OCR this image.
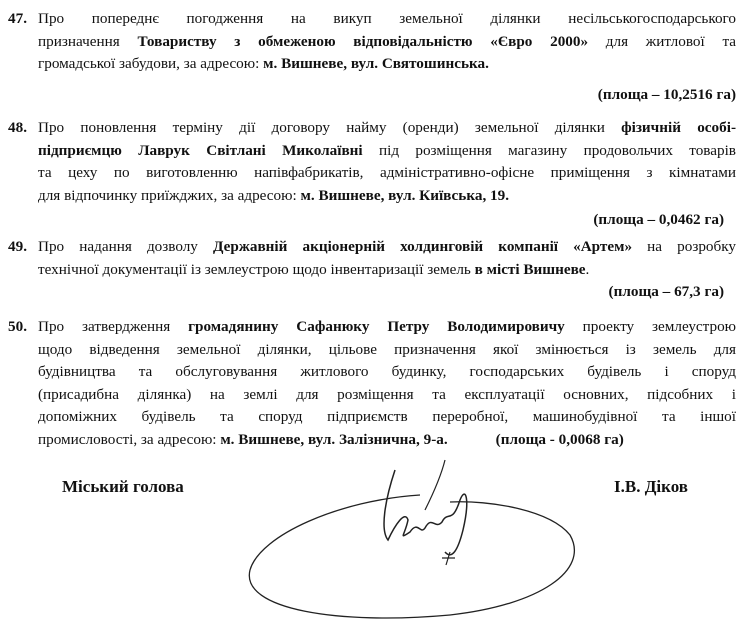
47. Про попереднє погодження на викуп земельної ділянки несільськогосподарського
призначення Товариству з обмеженою відповідальністю «Євро 2000» для житлової та
громадської забудови, за адресою: м. Вишневе, вул. Святошинська.
(площа – 10,2516 га)
48. Про поновлення терміну дії договору найму (оренди) земельної ділянки фізичній особі-
підприємцю Лаврук Світлані Миколаївні під розміщення магазину продовольчих товарів
та цеху по виготовленню напівфабрикатів, адміністративно-офісне приміщення з кімнатами
для відпочинку приїжджих, за адресою: м. Вишневе, вул. Київська, 19.
(площа – 0,0462 га)
49. Про надання дозволу Державній акціонерній холдинговій компанії «Артем» на розробку
технічної документації із землеустрою щодо інвентаризації земель в місті Вишневе.
(площа – 67,3 га)
50. Про затвердження громадянину Сафанюку Петру Володимировичу проекту землеустрою
щодо відведення земельної ділянки, цільове призначення якої змінюється із земель для
будівництва та обслуговування житлового будинку, господарських будівель і споруд
(присадибна ділянка) на землі для розміщення та експлуатації основних, підсобних і
допоміжних будівель та споруд підприємств переробної, машинобудівної та іншої
промисловості, за адресою: м. Вишневе, вул. Залізнична, 9-а.	(площа - 0,0068 га)
Міський голова	І.В. Діков
